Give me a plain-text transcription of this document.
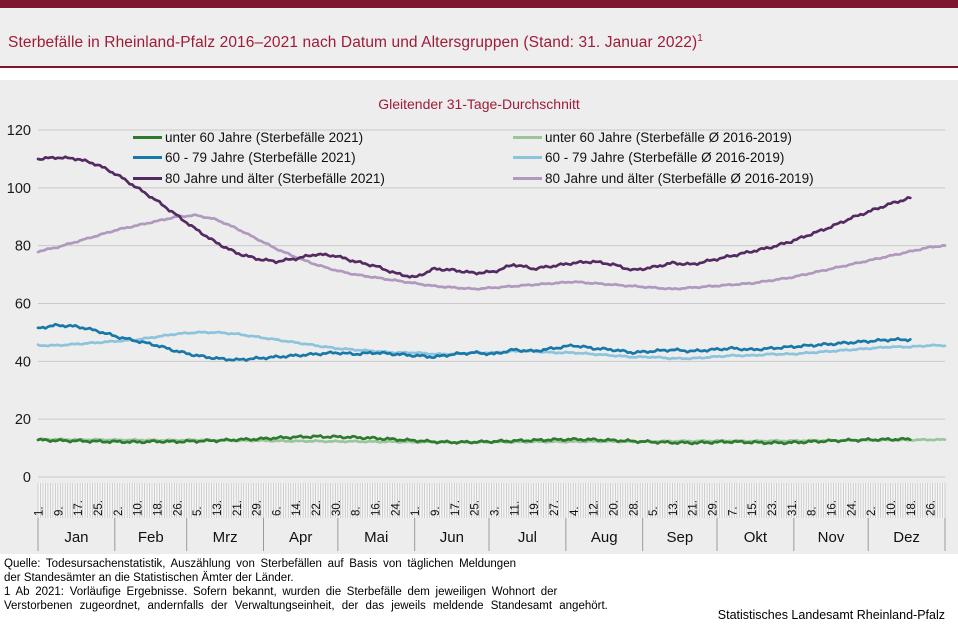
Sterbefälle in Rheinland-Pfalz 2016–2021 nach Datum und Altersgruppen (Stand: 31. Januar 2022)$^1$
0
20
40
60
80
100
120
1. 9. 17. 25. 2. 10. 18. 26. 5. 13. 21. 29. 6. 14. 22. 30. 8. 16. 24. 1. 9. 17. 25. 3. 11. 19. 27. 4. 12. 20. 28. 5. 13. 21. 29. 7. 15. 23. 31. 8. 16. 24. 2. 10. 18. 26.
Jan	Feb	Mrz	Apr	Mai	Jun	Jul	Aug	Sep	Okt	Nov	Dez
Gleitender 31-Tage-Durchschnitt
unter 60 Jahre (Sterbefälle 2021)
60 - 79 Jahre (Sterbefälle 2021)
80 Jahre und älter (Sterbefälle 2021)
unter 60 Jahre (Sterbefälle Ø 2016-2019)
60 - 79 Jahre (Sterbefälle Ø 2016-2019)
80 Jahre und älter (Sterbefälle Ø 2016-2019)
Quelle: Todesursachenstatistik, Auszählung von Sterbefällen auf Basis von täglichen Meldungen
der Standesämter an die Statistischen Ämter der Länder.
1 Ab 2021: Vorläufige Ergebnisse. Sofern bekannt, wurden die Sterbefälle dem jeweiligen Wohnort der
Verstorbenen zugeordnet, andernfalls der Verwaltungseinheit, der das jeweils meldende Standesamt angehört.
Statistisches Landesamt Rheinland-Pfalz
